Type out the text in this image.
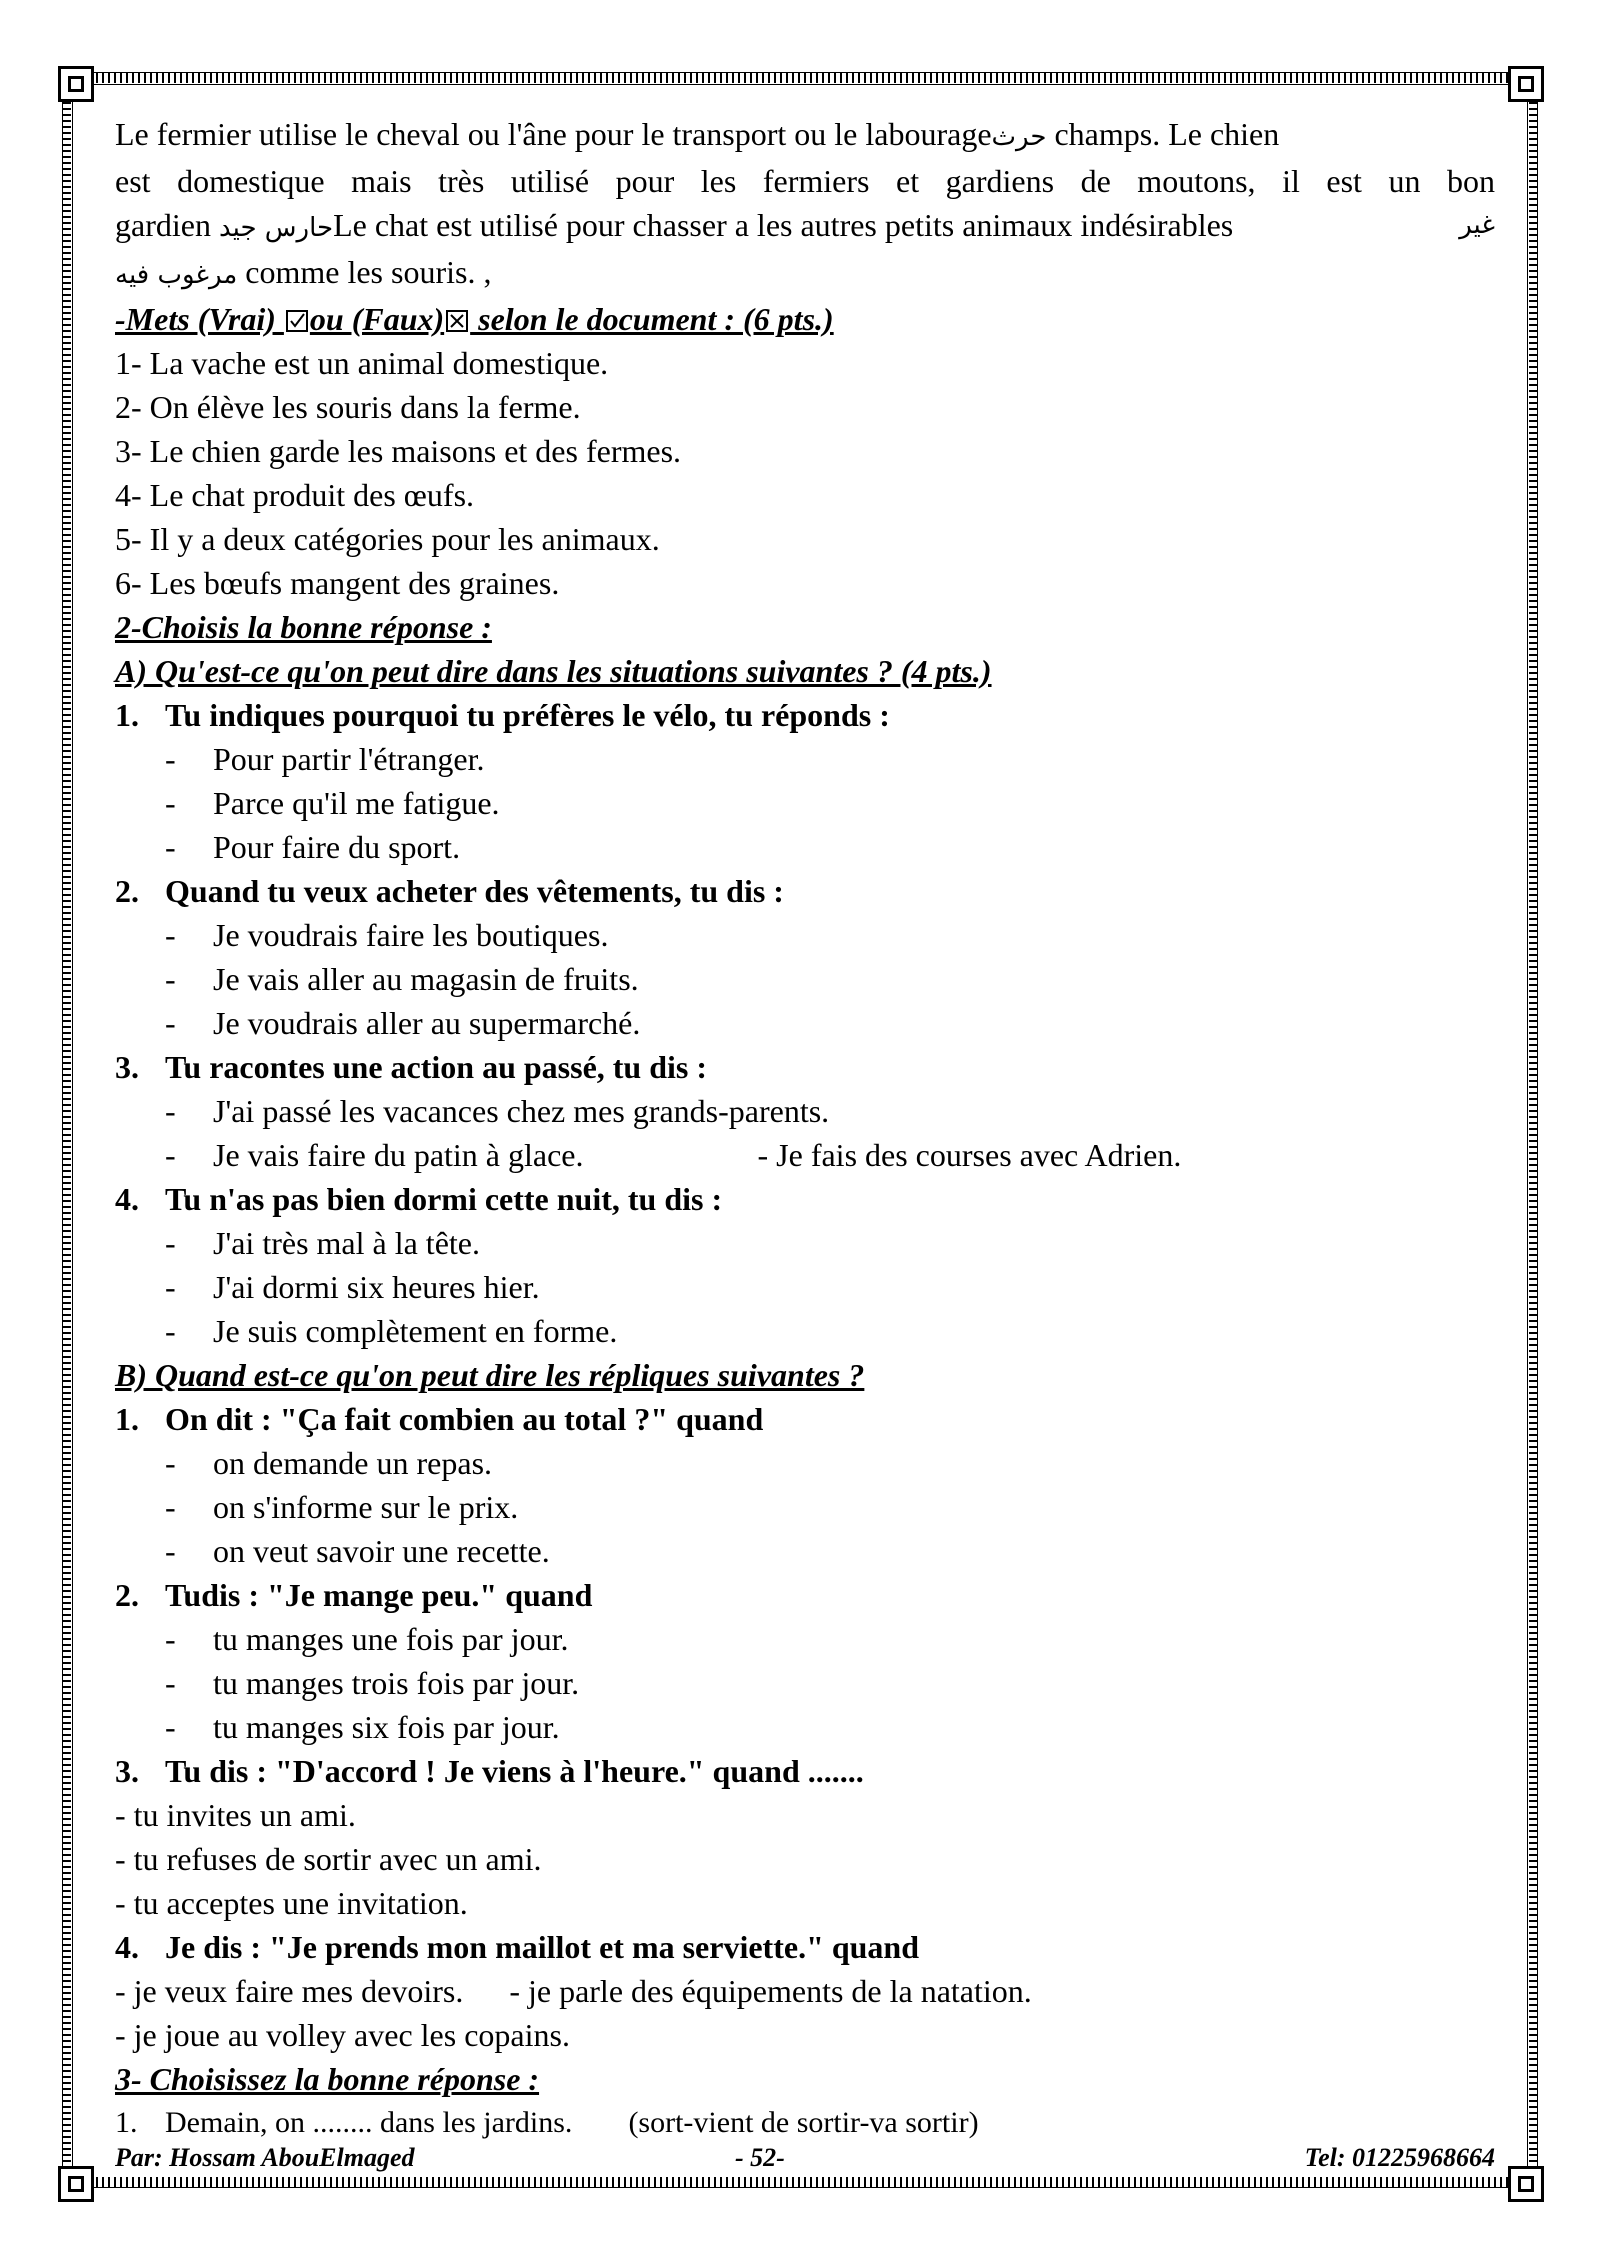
Le fermier utilise le cheval ou l'âne pour le transport ou le labourageحرث champs. Le chien
est domestique mais très utilisé pour les fermiers et gardiens de moutons, il est un bon
gardien حارس جيدLe chat est utilisé pour chasser a les autres petits animaux indésirables	غير
مرغوب فيه comme les souris. ,
-Mets (Vrai)
ou (Faux)
selon le document : (6 pts.)
1- La vache est un animal domestique.
2- On élève les souris dans la ferme.
3- Le chien garde les maisons et des fermes.
4- Le chat produit des œufs.
5- Il y a deux catégories pour les animaux.
6- Les bœufs mangent des graines.
2-Choisis la bonne réponse :
A) Qu'est-ce qu'on peut dire dans les situations suivantes ? (4 pts.)
1. Tu indiques pourquoi tu préfères le vélo, tu réponds :
- Pour partir l'étranger.
- Parce qu'il me fatigue.
- Pour faire du sport.
2. Quand tu veux acheter des vêtements, tu dis :
- Je voudrais faire les boutiques.
- Je vais aller au magasin de fruits.
- Je voudrais aller au supermarché.
3. Tu racontes une action au passé, tu dis :
- J'ai passé les vacances chez mes grands-parents.
- Je vais faire du patin à glace.	- Je fais des courses avec Adrien.
4. Tu n'as pas bien dormi cette nuit, tu dis :
- J'ai très mal à la tête.
- J'ai dormi six heures hier.
- Je suis complètement en forme.
B) Quand est-ce qu'on peut dire les répliques suivantes ?
1. On dit : "Ça fait combien au total ?" quand
- on demande un repas.
- on s'informe sur le prix.
- on veut savoir une recette.
2. Tudis : "Je mange peu." quand
- tu manges une fois par jour.
- tu manges trois fois par jour.
- tu manges six fois par jour.
3. Tu dis : "D'accord ! Je viens à l'heure." quand .......
- tu invites un ami.
- tu refuses de sortir avec un ami.
- tu acceptes une invitation.
4. Je dis : "Je prends mon maillot et ma serviette." quand
- je veux faire mes devoirs. - je parle des équipements de la natation.
- je joue au volley avec les copains.
3- Choisissez la bonne réponse :
1. Demain, on ........ dans les jardins. (sort-vient de sortir-va sortir)
Par: Hossam AbouElmaged	- 52-	Tel: 01225968664
